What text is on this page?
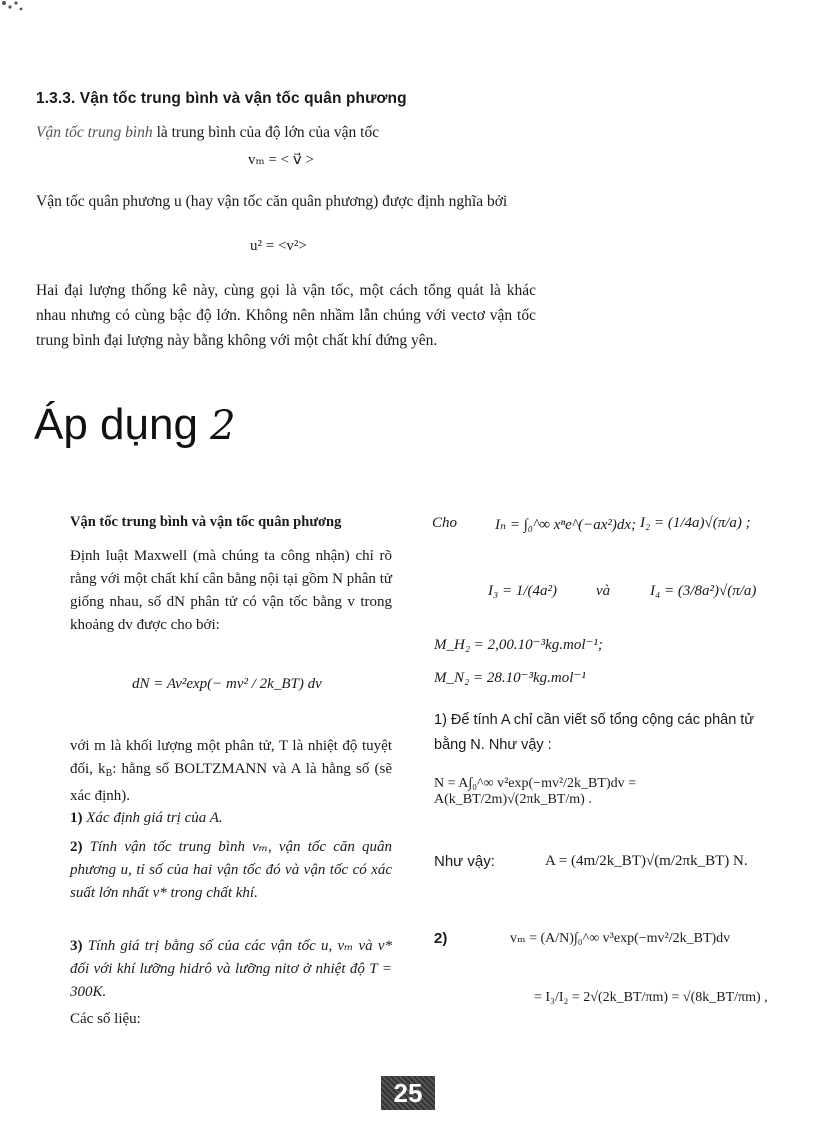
1.3.3. Vận tốc trung bình và vận tốc quân phương
Vận tốc trung bình là trung bình của độ lớn của vận tốc
vₘ = < v⃗ >
Vận tốc quân phương u (hay vận tốc căn quân phương) được định nghĩa bởi
u² = <v²>
Hai đại lượng thống kê này, cùng gọi là vận tốc, một cách tổng quát là khác nhau nhưng có cùng bậc độ lớn. Không nên nhầm lẫn chúng với vectơ vận tốc trung bình đại lượng này bằng không với một chất khí đứng yên.
Áp dụng 2
Vận tốc trung bình và vận tốc quân phương
Định luật Maxwell (mà chúng ta công nhận) chỉ rõ rằng với một chất khí cân bằng nội tại gồm N phân tử giống nhau, số dN phân tử có vận tốc bằng v trong khoảng dv được cho bởi:
dN = Av²exp(− mv² / 2k_BT) dv
với m là khối lượng một phân tử, T là nhiệt độ tuyệt đối, $k_B$: hằng số BOLTZMANN và A là hằng số (sẽ xác định).
1) Xác định giá trị của A.
2) Tính vận tốc trung bình vₘ, vận tốc căn quân phương u, tỉ số của hai vận tốc đó và vận tốc có xác suất lớn nhất v* trong chất khí.
3) Tính giá trị bằng số của các vận tốc u, vₘ và v* đối với khí lưỡng hidrô và lưỡng nitơ ở nhiệt độ T = 300K.
Các số liệu:
Cho	Iₙ = ∫₀^∞ xⁿe^(−ax²)dx; I₂ = (1/4a)√(π/a) ;
I₃ = 1/(4a²)	và	I₄ = (3/8a²)√(π/a)
M_H₂ = 2,00.10⁻³kg.mol⁻¹;
M_N₂ = 28.10⁻³kg.mol⁻¹
1) Để tính A chỉ cần viết số tổng cộng các phân tử bằng N. Như vậy :
N = A∫₀^∞ v²exp(−mv²/2k_BT)dv = A(k_BT/2m)√(2πk_BT/m) .
Như vậy:	A = (4m/2k_BT)√(m/2πk_BT) N.
2)	vₘ = (A/N)∫₀^∞ v³exp(−mv²/2k_BT)dv
= I₃/I₂ = 2√(2k_BT/πm) = √(8k_BT/πm) ,
25
